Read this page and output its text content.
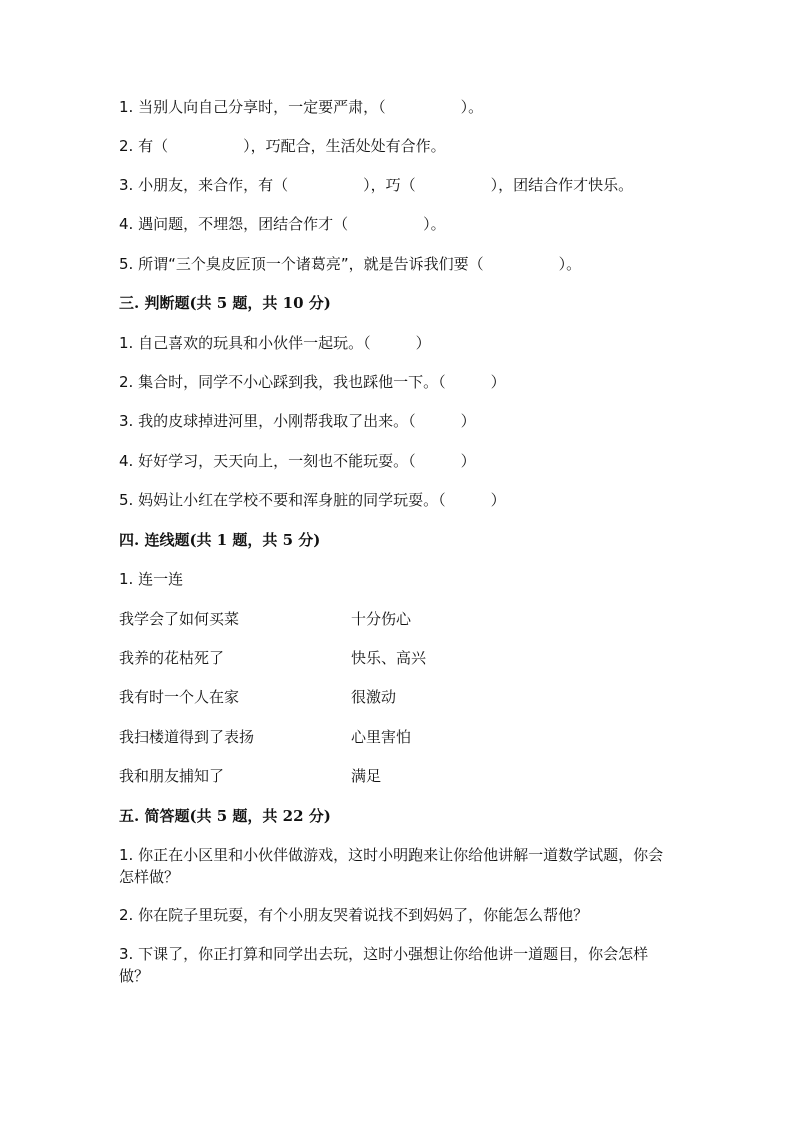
1. 当别人向自己分享时，一定要严肃，（　　　　　）。
2. 有（　　　　　），巧配合，生活处处有合作。
3. 小朋友，来合作，有（　　　　　），巧（　　　　　），团结合作才快乐。
4. 遇问题，不埋怨，团结合作才（　　　　　）。
5. 所谓“三个臭皮匠顶一个诸葛亮”，就是告诉我们要（　　　　　）。
三. 判断题(共 5 题，共 10 分)
1. 自己喜欢的玩具和小伙伴一起玩。（　　　）
2. 集合时，同学不小心踩到我，我也踩他一下。（　　　）
3. 我的皮球掉进河里，小刚帮我取了出来。（　　　）
4. 好好学习，天天向上，一刻也不能玩耍。（　　　）
5. 妈妈让小红在学校不要和浑身脏的同学玩耍。（　　　）
四. 连线题(共 1 题，共 5 分)
1. 连一连
我学会了如何买菜	十分伤心
我养的花枯死了	快乐、高兴
我有时一个人在家	很激动
我扫楼道得到了表扬	心里害怕
我和朋友捕知了	满足
五. 简答题(共 5 题，共 22 分)
1. 你正在小区里和小伙伴做游戏，这时小明跑来让你给他讲解一道数学试题，你会怎样做？
2. 你在院子里玩耍，有个小朋友哭着说找不到妈妈了，你能怎么帮他？
3. 下课了，你正打算和同学出去玩，这时小强想让你给他讲一道题目，你会怎样做？
